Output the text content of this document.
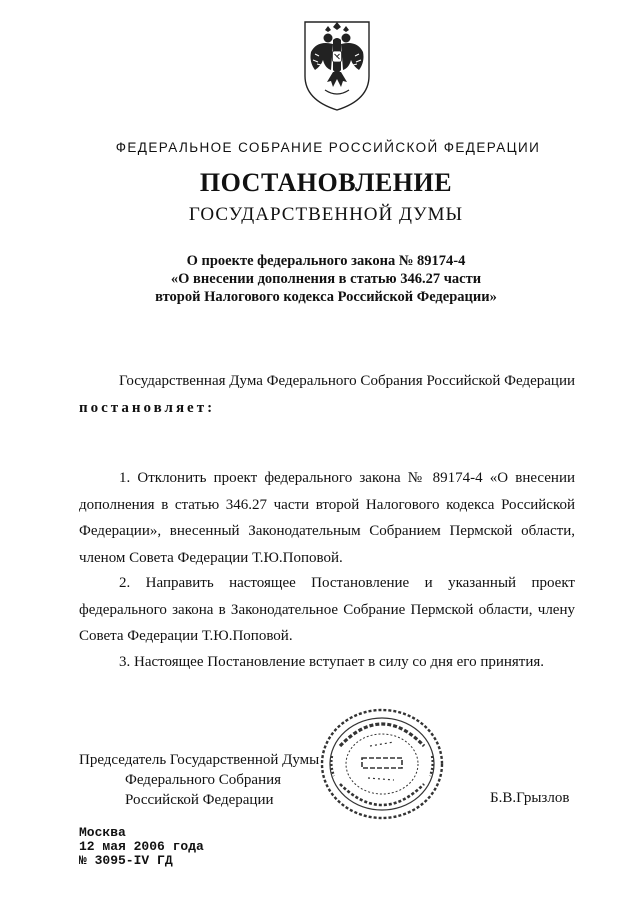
ФЕДЕРАЛЬНОЕ СОБРАНИЕ РОССИЙСКОЙ ФЕДЕРАЦИИ
ПОСТАНОВЛЕНИЕ
ГОСУДАРСТВЕННОЙ ДУМЫ
О проекте федерального закона № 89174-4
«О внесении дополнения в статью 346.27 части
второй Налогового кодекса Российской Федерации»
Государственная Дума Федерального Собрания Российской Федерации постановляет:
1. Отклонить проект федерального закона № 89174-4 «О внесении дополнения в статью 346.27 части второй Налогового кодекса Российской Федерации», внесенный Законодательным Собранием Пермской области, членом Совета Федерации Т.Ю.Поповой.
2. Направить настоящее Постановление и указанный проект федерального закона в Законодательное Собрание Пермской области, члену Совета Федерации Т.Ю.Поповой.
3. Настоящее Постановление вступает в силу со дня его принятия.
Председатель Государственной Думы
Федерального Собрания
Российской Федерации	Б.В.Грызлов
Москва
12 мая 2006 года
№ 3095-IV ГД
